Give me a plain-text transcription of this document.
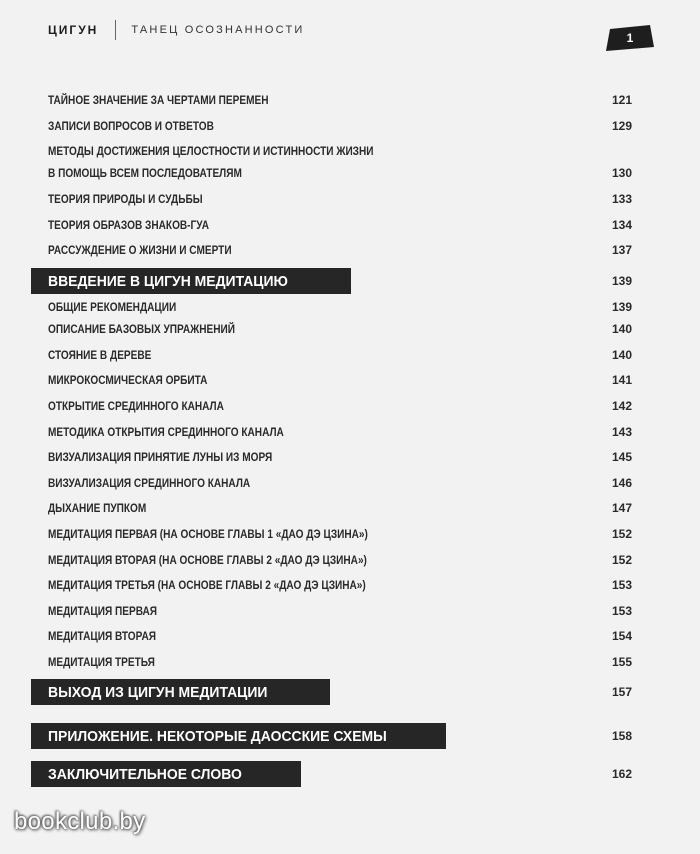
ЦИГУН	ТАНЕЦ ОСОЗНАННОСТИ
1
ТАЙНОЕ ЗНАЧЕНИЕ ЗА ЧЕРТАМИ ПЕРЕМЕН	121
ЗАПИСИ ВОПРОСОВ И ОТВЕТОВ	129
МЕТОДЫ ДОСТИЖЕНИЯ ЦЕЛОСТНОСТИ И ИСТИННОСТИ ЖИЗНИ
В ПОМОЩЬ ВСЕМ ПОСЛЕДОВАТЕЛЯМ	130
ТЕОРИЯ ПРИРОДЫ И СУДЬБЫ	133
ТЕОРИЯ ОБРАЗОВ ЗНАКОВ-ГУА	134
РАССУЖДЕНИЕ О ЖИЗНИ И СМЕРТИ	137
ВВЕДЕНИЕ В ЦИГУН МЕДИТАЦИЮ	139
ОБЩИЕ РЕКОМЕНДАЦИИ	139
ОПИСАНИЕ БАЗОВЫХ УПРАЖНЕНИЙ	140
СТОЯНИЕ В ДЕРЕВЕ	140
МИКРОКОСМИЧЕСКАЯ ОРБИТА	141
ОТКРЫТИЕ СРЕДИННОГО КАНАЛА	142
МЕТОДИКА ОТКРЫТИЯ СРЕДИННОГО КАНАЛА	143
ВИЗУАЛИЗАЦИЯ ПРИНЯТИЕ ЛУНЫ ИЗ МОРЯ	145
ВИЗУАЛИЗАЦИЯ СРЕДИННОГО КАНАЛА	146
ДЫХАНИЕ ПУПКОМ	147
МЕДИТАЦИЯ ПЕРВАЯ (НА ОСНОВЕ ГЛАВЫ 1 «ДАО ДЭ ЦЗИНА»)	152
МЕДИТАЦИЯ ВТОРАЯ (НА ОСНОВЕ ГЛАВЫ 2 «ДАО ДЭ ЦЗИНА»)	152
МЕДИТАЦИЯ ТРЕТЬЯ (НА ОСНОВЕ ГЛАВЫ 2 «ДАО ДЭ ЦЗИНА»)	153
МЕДИТАЦИЯ ПЕРВАЯ	153
МЕДИТАЦИЯ ВТОРАЯ	154
МЕДИТАЦИЯ ТРЕТЬЯ	155
ВЫХОД ИЗ ЦИГУН МЕДИТАЦИИ	157
ПРИЛОЖЕНИЕ. НЕКОТОРЫЕ ДАОССКИЕ СХЕМЫ	158
ЗАКЛЮЧИТЕЛЬНОЕ СЛОВО	162
bookclub.by
